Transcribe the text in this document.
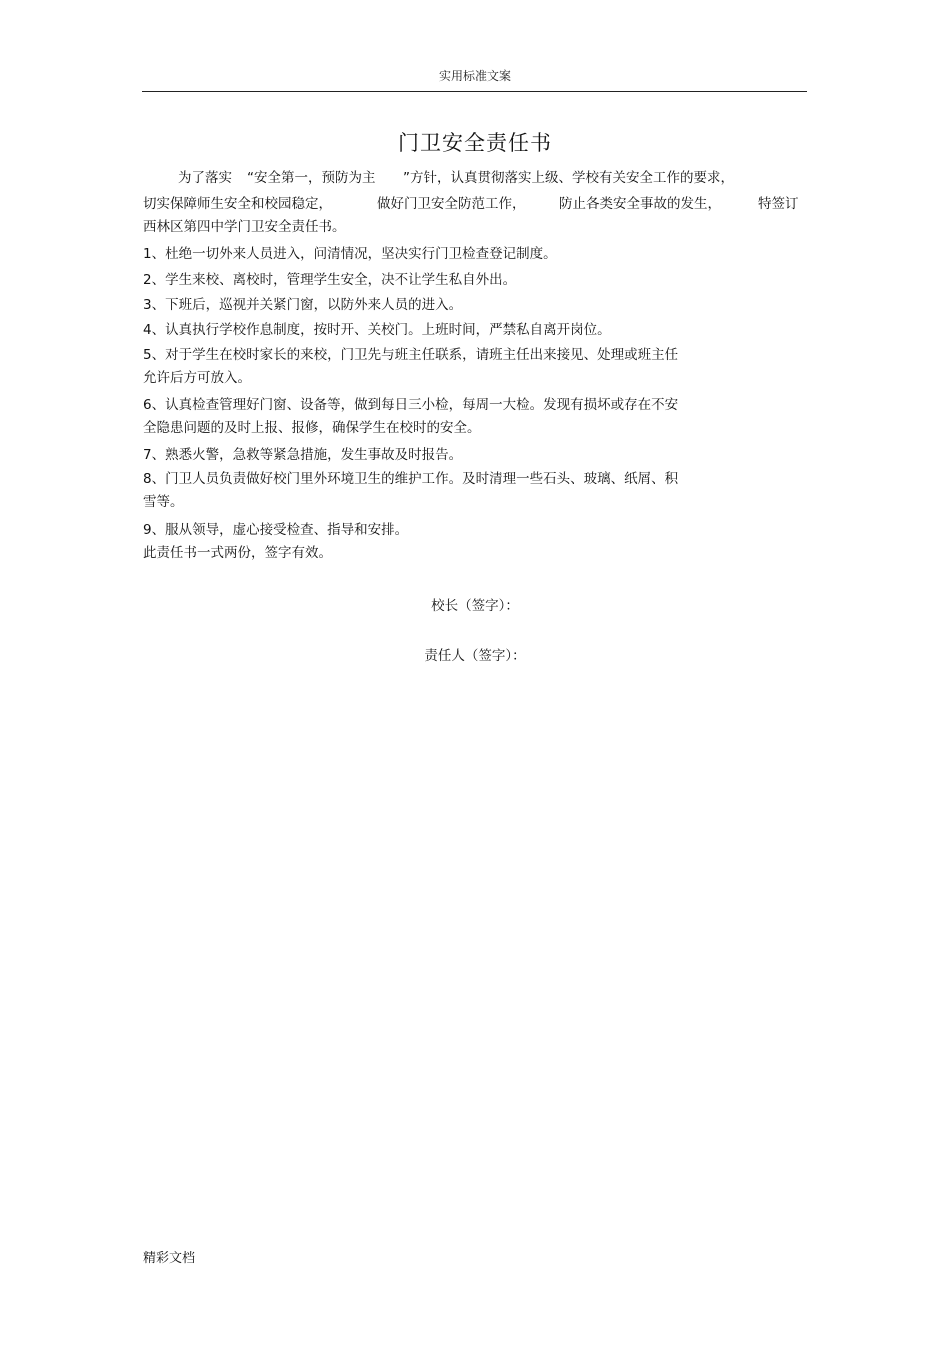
实用标准文案
门卫安全责任书
为了落实 “安全第一，预防为主 ”方针，认真贯彻落实上级、学校有关安全工作的要求，
切实保障师生安全和校园稳定，	做好门卫安全防范工作， 防止各类安全事故的发生，	特签订
西林区第四中学门卫安全责任书。
1、杜绝一切外来人员进入，问清情况，坚决实行门卫检查登记制度。
2、学生来校、离校时，管理学生安全，决不让学生私自外出。
3、下班后，巡视并关紧门窗，以防外来人员的进入。
4、认真执行学校作息制度，按时开、关校门。上班时间，严禁私自离开岗位。
5、对于学生在校时家长的来校，门卫先与班主任联系，请班主任出来接见、处理或班主任
允许后方可放入。
6、认真检查管理好门窗、设备等，做到每日三小检，每周一大检。发现有损坏或存在不安
全隐患问题的及时上报、报修，确保学生在校时的安全。
7、熟悉火警，急救等紧急措施，发生事故及时报告。
8、门卫人员负责做好校门里外环境卫生的维护工作。及时清理一些石头、玻璃、纸屑、积
雪等。
9、服从领导，虚心接受检查、指导和安排。
此责任书一式两份，签字有效。
校长（签字）：
责任人（签字）：
精彩文档
